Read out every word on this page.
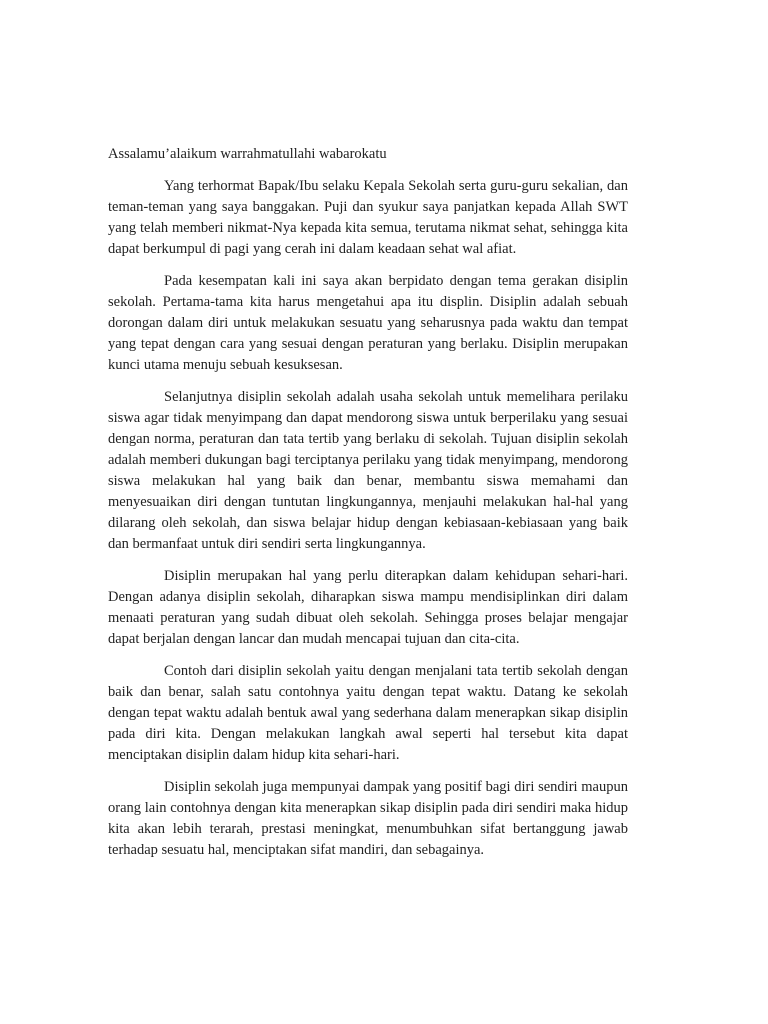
Assalamu’alaikum warrahmatullahi wabarokatu

Yang terhormat Bapak/Ibu selaku Kepala Sekolah serta guru-guru sekalian, dan teman-teman yang saya banggakan. Puji dan syukur saya panjatkan kepada Allah SWT yang telah memberi nikmat-Nya kepada kita semua, terutama nikmat sehat, sehingga kita dapat berkumpul di pagi yang cerah ini dalam keadaan sehat wal afiat.

Pada kesempatan kali ini saya akan berpidato dengan tema gerakan disiplin sekolah. Pertama-tama kita harus mengetahui apa itu displin. Disiplin adalah sebuah dorongan dalam diri untuk melakukan sesuatu yang seharusnya pada waktu dan tempat yang tepat dengan cara yang sesuai dengan peraturan yang berlaku. Disiplin merupakan kunci utama menuju sebuah kesuksesan.

Selanjutnya disiplin sekolah adalah usaha sekolah untuk memelihara perilaku siswa agar tidak menyimpang dan dapat mendorong siswa untuk berperilaku yang sesuai dengan norma, peraturan dan tata tertib yang berlaku di sekolah. Tujuan disiplin sekolah adalah memberi dukungan bagi terciptanya perilaku yang tidak menyimpang, mendorong siswa melakukan hal yang baik dan benar, membantu siswa memahami dan menyesuaikan diri dengan tuntutan lingkungannya, menjauhi melakukan hal-hal yang dilarang oleh sekolah, dan siswa belajar hidup dengan kebiasaan-kebiasaan yang baik dan bermanfaat untuk diri sendiri serta lingkungannya.

Disiplin merupakan hal yang perlu diterapkan dalam kehidupan sehari-hari. Dengan adanya disiplin sekolah, diharapkan siswa mampu mendisiplinkan diri dalam menaati peraturan yang sudah dibuat oleh sekolah. Sehingga proses belajar mengajar dapat berjalan dengan lancar dan mudah mencapai tujuan dan cita-cita.

Contoh dari disiplin sekolah yaitu dengan menjalani tata tertib sekolah dengan baik dan benar, salah satu contohnya yaitu dengan tepat waktu. Datang ke sekolah dengan tepat waktu adalah bentuk awal yang sederhana dalam menerapkan sikap disiplin pada diri kita. Dengan melakukan langkah awal seperti hal tersebut kita dapat menciptakan disiplin dalam hidup kita sehari-hari.

Disiplin sekolah juga mempunyai dampak yang positif bagi diri sendiri maupun orang lain contohnya dengan kita menerapkan sikap disiplin pada diri sendiri maka hidup kita akan lebih terarah, prestasi meningkat, menumbuhkan sifat bertanggung jawab terhadap sesuatu hal, menciptakan sifat mandiri, dan sebagainya.
